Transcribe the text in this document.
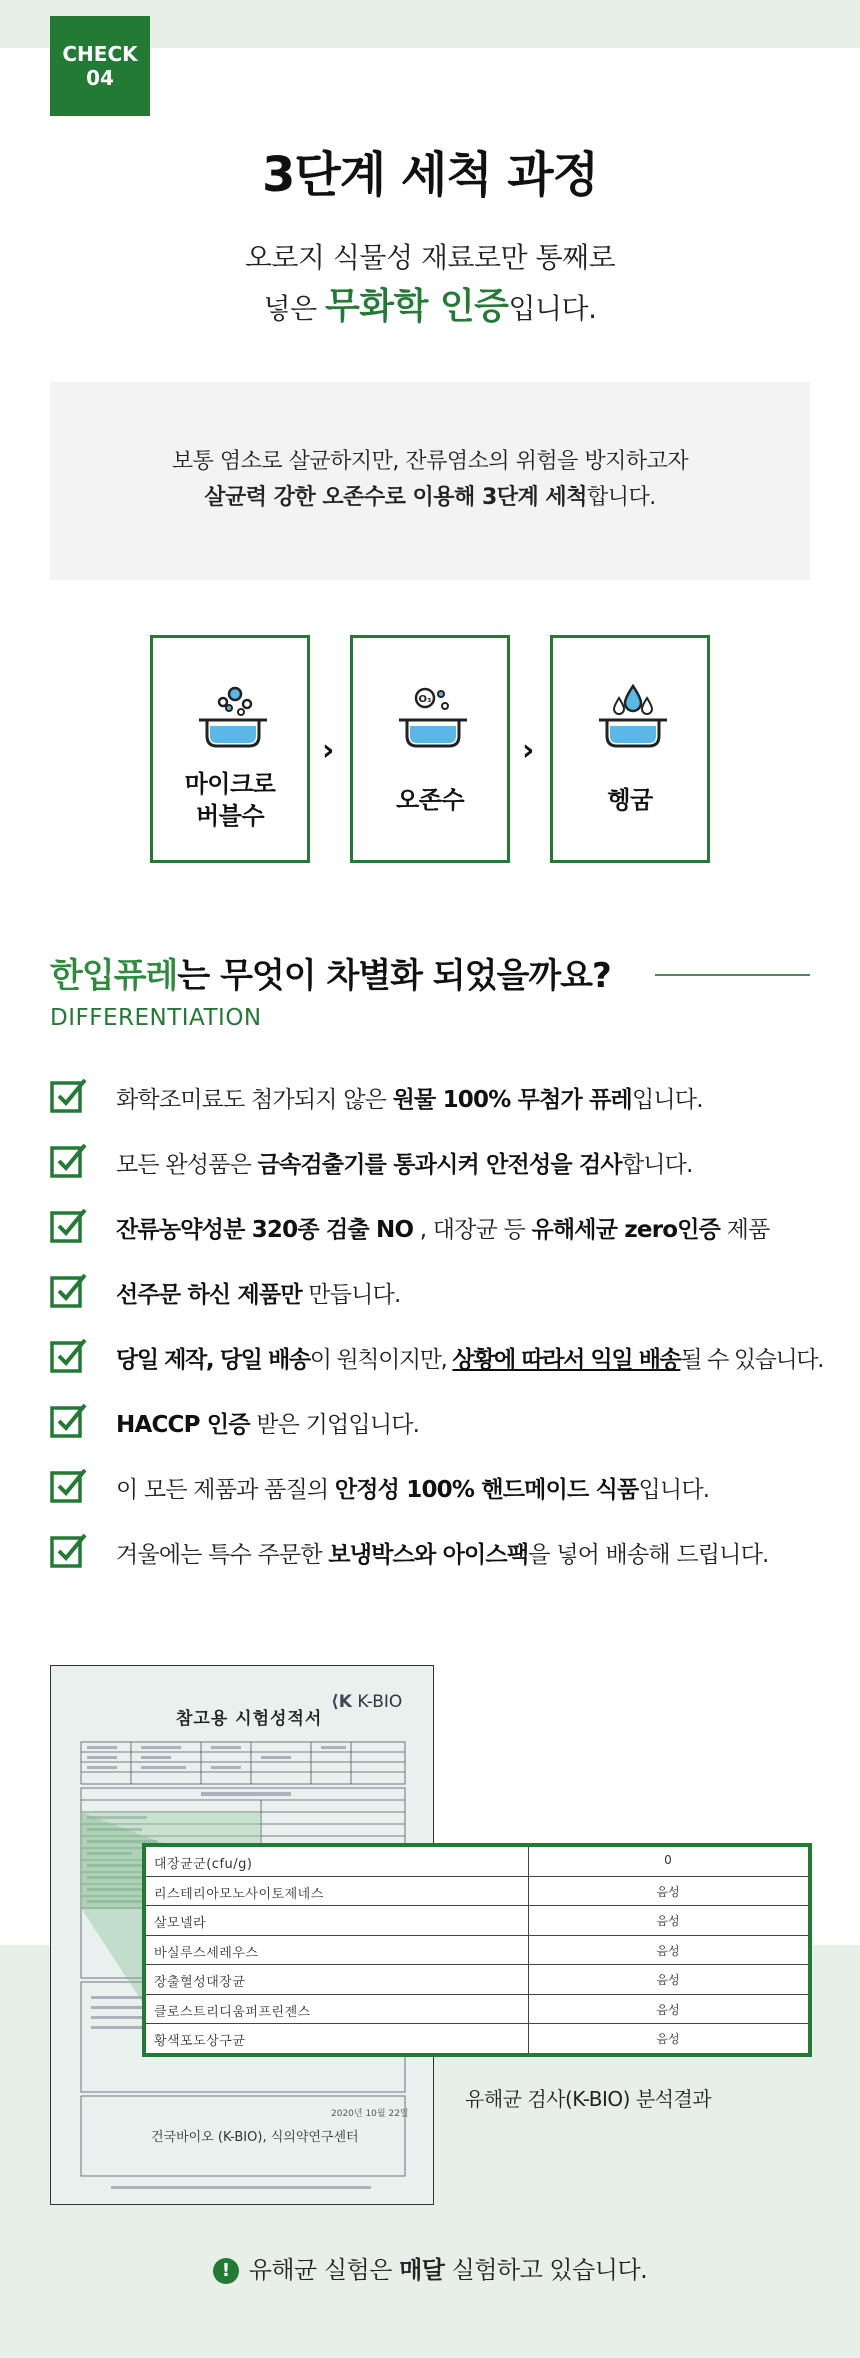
CHECK
04
3단계 세척 과정
오로지 식물성 재료로만 통째로
넣은 무화학 인증입니다.
보통 염소로 살균하지만, 잔류염소의 위험을 방지하고자
살균력 강한 오존수로 이용해 3단계 세척합니다.
마이크로
버블수
›
O₃
오존수
›
헹굼
한입퓨레는 무엇이 차별화 되었을까요?
DIFFERENTIATION
화학조미료도 첨가되지 않은 원물 100% 무첨가 퓨레입니다.
모든 완성품은 금속검출기를 통과시켜 안전성을 검사합니다.
잔류농약성분 320종 검출 NO , 대장균 등 유해세균 zero인증 제품
선주문 하신 제품만 만듭니다.
당일 제작, 당일 배송이 원칙이지만, 상황에 따라서 익일 배송될 수 있습니다.
HACCP 인증 받은 기업입니다.
이 모든 제품과 품질의 안정성 100% 핸드메이드 식품입니다.
겨울에는 특수 주문한 보냉박스와 아이스팩을 넣어 배송해 드립니다.
참고용 시험성적서
⟨K K-BIO
2020년 10월 22일
건국바이오 (K-BIO), 식의약연구센터
대장균군(cfu/g)	0
리스테리아모노사이토제네스	음성
살모넬라	음성
바실루스세레우스	음성
장출혈성대장균	음성
클로스트리디움퍼프린젠스	음성
황색포도상구균	음성
유해균 검사(K-BIO) 분석결과
! 유해균 실험은 매달 실험하고 있습니다.
